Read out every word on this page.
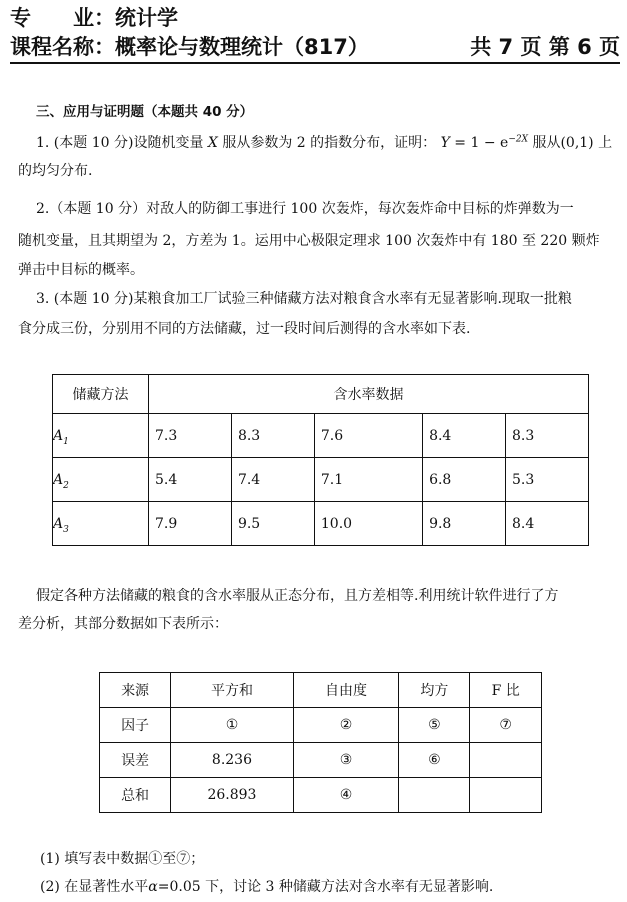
专　　业：统计学
课程名称：概率论与数理统计（817）	共 7 页 第 6 页
三、应用与证明题（本题共 40 分）
1. (本题 10 分)设随机变量 X 服从参数为 2 的指数分布，证明： $Y = 1 - e^{-2X}$ 服从(0,1) 上
的均匀分布.
2.（本题 10 分）对敌人的防御工事进行 100 次轰炸，每次轰炸命中目标的炸弹数为一
随机变量，且其期望为 2，方差为 1。运用中心极限定理求 100 次轰炸中有 180 至 220 颗炸
弹击中目标的概率。
3. (本题 10 分)某粮食加工厂试验三种储藏方法对粮食含水率有无显著影响.现取一批粮
食分成三份，分别用不同的方法储藏，过一段时间后测得的含水率如下表.
储藏方法	含水率数据				
$A_1$	7.3	8.3	7.6	8.4	8.3
$A_2$	5.4	7.4	7.1	6.8	5.3
$A_3$	7.9	9.5	10.0	9.8	8.4
假定各种方法储藏的粮食的含水率服从正态分布，且方差相等.利用统计软件进行了方
差分析，其部分数据如下表所示：
来源	平方和	自由度	均方	F 比
因子	①	②	⑤	⑦
误差	8.236	③	⑥	
总和	26.893	④		
(1) 填写表中数据①至⑦；
(2) 在显著性水平α=0.05 下，讨论 3 种储藏方法对含水率有无显著影响.
